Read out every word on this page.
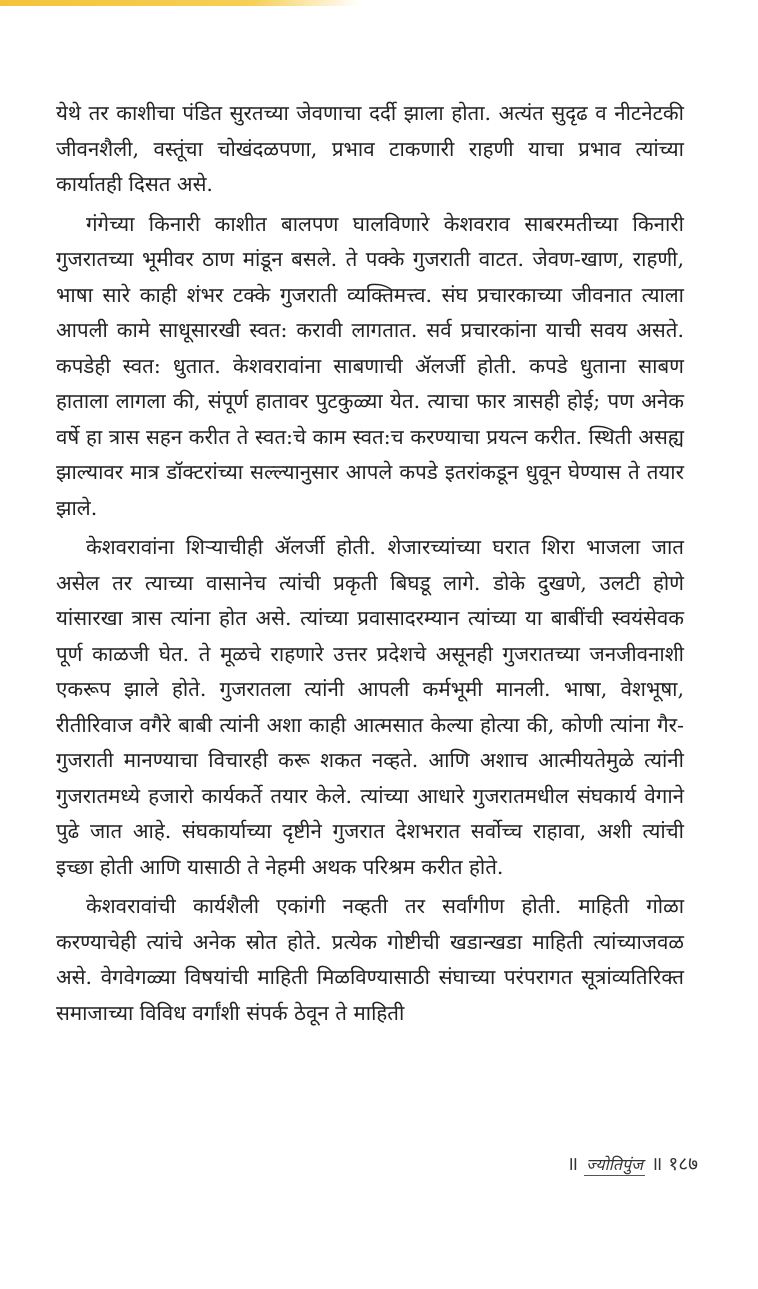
येथे तर काशीचा पंडित सुरतच्या जेवणाचा दर्दी झाला होता. अत्यंत सुदृढ व नीटनेटकी जीवनशैली, वस्तूंचा चोखंदळपणा, प्रभाव टाकणारी राहणी याचा प्रभाव त्यांच्या कार्यातही दिसत असे.

गंगेच्या किनारी काशीत बालपण घालविणारे केशवराव साबरमतीच्या किनारी गुजरातच्या भूमीवर ठाण मांडून बसले. ते पक्के गुजराती वाटत. जेवण-खाण, राहणी, भाषा सारे काही शंभर टक्के गुजराती व्यक्तिमत्त्व. संघ प्रचारकाच्या जीवनात त्याला आपली कामे साधूसारखी स्वत: करावी लागतात. सर्व प्रचारकांना याची सवय असते. कपडेही स्वत: धुतात. केशवरावांना साबणाची ॲलर्जी होती. कपडे धुताना साबण हाताला लागला की, संपूर्ण हातावर पुटकुळ्या येत. त्याचा फार त्रासही होई; पण अनेक वर्षे हा त्रास सहन करीत ते स्वत:चे काम स्वत:च करण्याचा प्रयत्न करीत. स्थिती असह्य झाल्यावर मात्र डॉक्टरांच्या सल्ल्यानुसार आपले कपडे इतरांकडून धुवून घेण्यास ते तयार झाले.

केशवरावांना शिऱ्याचीही ॲलर्जी होती. शेजारच्यांच्या घरात शिरा भाजला जात असेल तर त्याच्या वासानेच त्यांची प्रकृती बिघडू लागे. डोके दुखणे, उलटी होणे यांसारखा त्रास त्यांना होत असे. त्यांच्या प्रवासादरम्यान त्यांच्या या बाबींची स्वयंसेवक पूर्ण काळजी घेत. ते मूळचे राहणारे उत्तर प्रदेशचे असूनही गुजरातच्या जनजीवनाशी एकरूप झाले होते. गुजरातला त्यांनी आपली कर्मभूमी मानली. भाषा, वेशभूषा, रीतीरिवाज वगैरे बाबी त्यांनी अशा काही आत्मसात केल्या होत्या की, कोणी त्यांना गैर-गुजराती मानण्याचा विचारही करू शकत नव्हते. आणि अशाच आत्मीयतेमुळे त्यांनी गुजरातमध्ये हजारो कार्यकर्ते तयार केले. त्यांच्या आधारे गुजरातमधील संघकार्य वेगाने पुढे जात आहे. संघकार्याच्या दृष्टीने गुजरात देशभरात सर्वोच्च राहावा, अशी त्यांची इच्छा होती आणि यासाठी ते नेहमी अथक परिश्रम करीत होते.

केशवरावांची कार्यशैली एकांगी नव्हती तर सर्वांगीण होती. माहिती गोळा करण्याचेही त्यांचे अनेक स्रोत होते. प्रत्येक गोष्टीची खडान्खडा माहिती त्यांच्याजवळ असे. वेगवेगळ्या विषयांची माहिती मिळविण्यासाठी संघाच्या परंपरागत सूत्रांव्यतिरिक्त समाजाच्या विविध वर्गांशी संपर्क ठेवून ते माहिती

॥ ज्योतिपुंज ॥ १८७
